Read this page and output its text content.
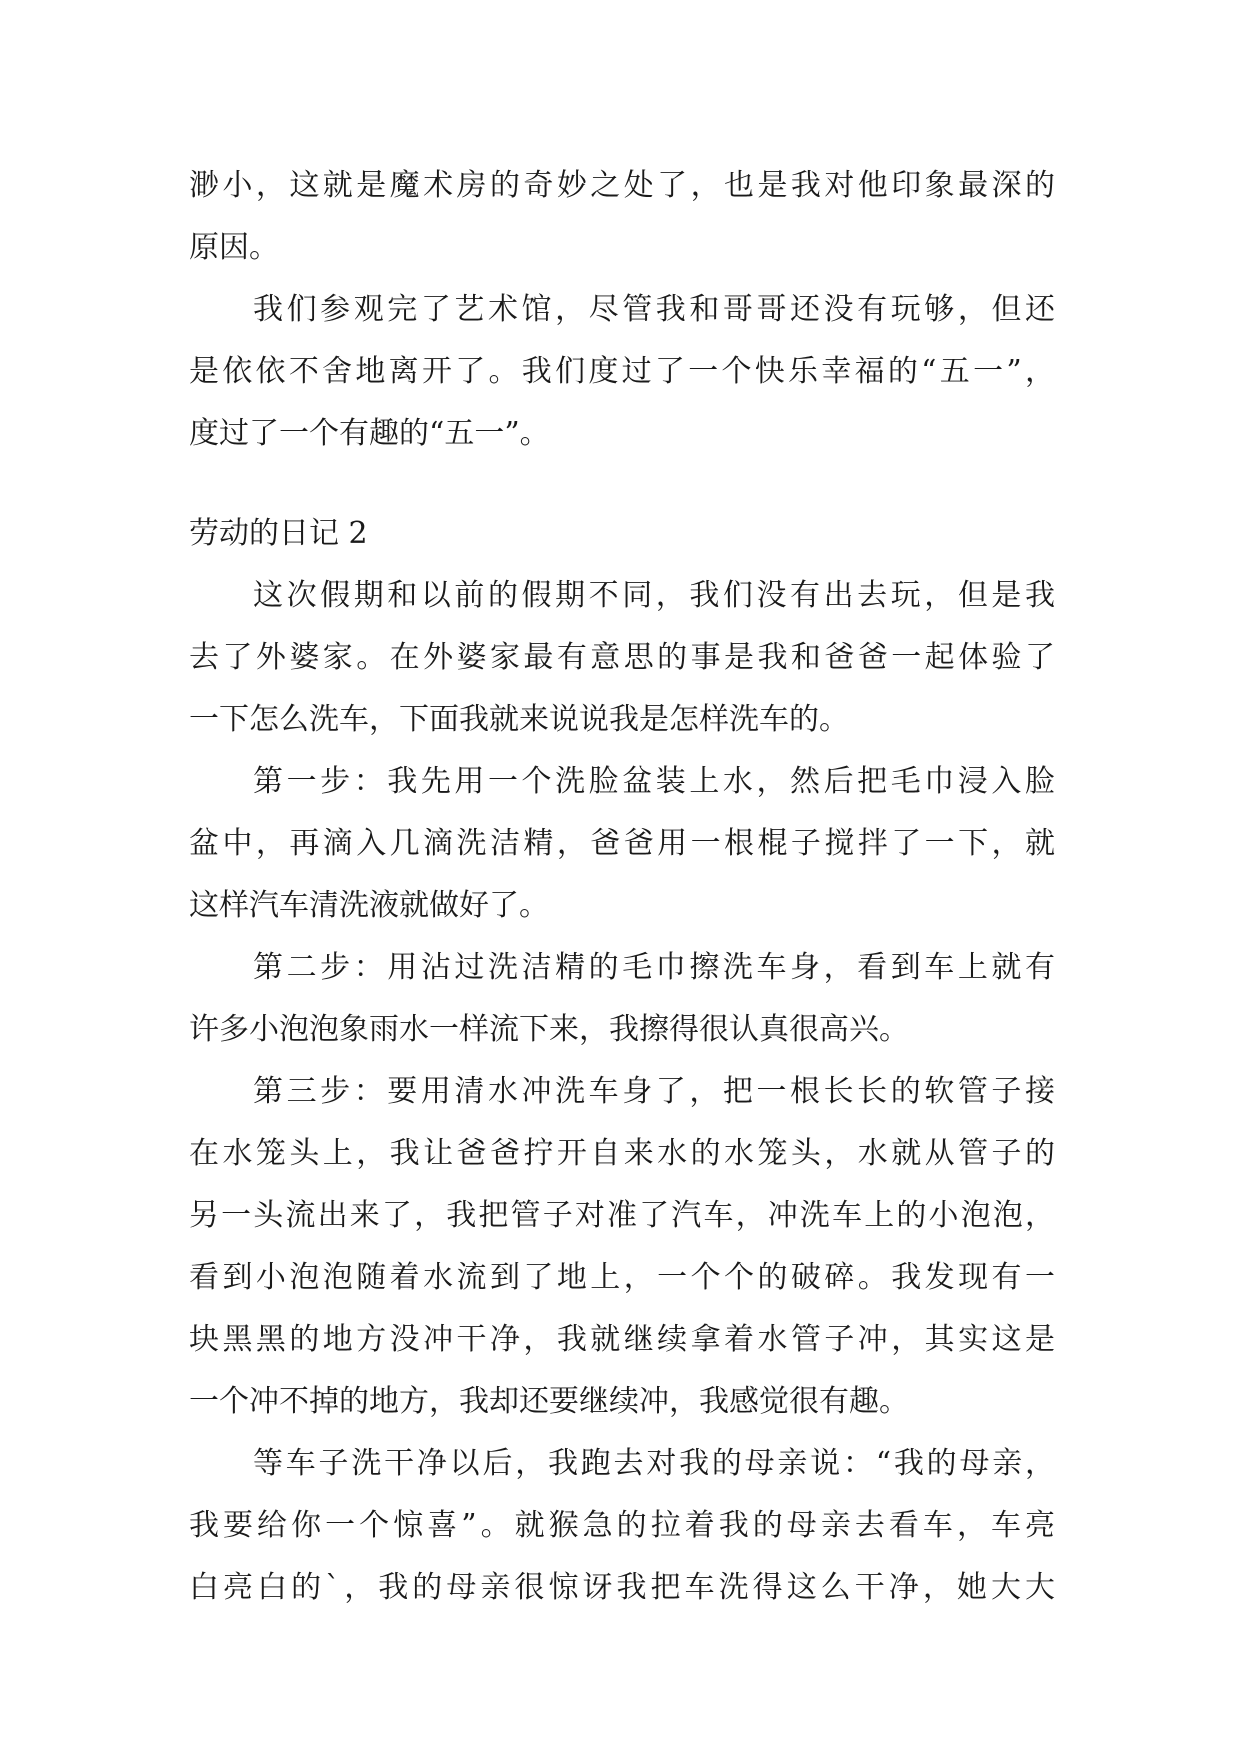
渺小，这就是魔术房的奇妙之处了，也是我对他印象最深的
原因。
我们参观完了艺术馆，尽管我和哥哥还没有玩够，但还
是依依不舍地离开了。我们度过了一个快乐幸福的“五一”，
度过了一个有趣的“五一”。
劳动的日记 2
这次假期和以前的假期不同，我们没有出去玩，但是我
去了外婆家。在外婆家最有意思的事是我和爸爸一起体验了
一下怎么洗车，下面我就来说说我是怎样洗车的。
第一步：我先用一个洗脸盆装上水，然后把毛巾浸入脸
盆中，再滴入几滴洗洁精，爸爸用一根棍子搅拌了一下，就
这样汽车清洗液就做好了。
第二步：用沾过洗洁精的毛巾擦洗车身，看到车上就有
许多小泡泡象雨水一样流下来，我擦得很认真很高兴。
第三步：要用清水冲洗车身了，把一根长长的软管子接
在水笼头上，我让爸爸拧开自来水的水笼头，水就从管子的
另一头流出来了，我把管子对准了汽车，冲洗车上的小泡泡，
看到小泡泡随着水流到了地上，一个个的破碎。我发现有一
块黑黑的地方没冲干净，我就继续拿着水管子冲，其实这是
一个冲不掉的地方，我却还要继续冲，我感觉很有趣。
等车子洗干净以后，我跑去对我的母亲说：“我的母亲，
我要给你一个惊喜”。就猴急的拉着我的母亲去看车，车亮
白亮白的`，我的母亲很惊讶我把车洗得这么干净，她大大
